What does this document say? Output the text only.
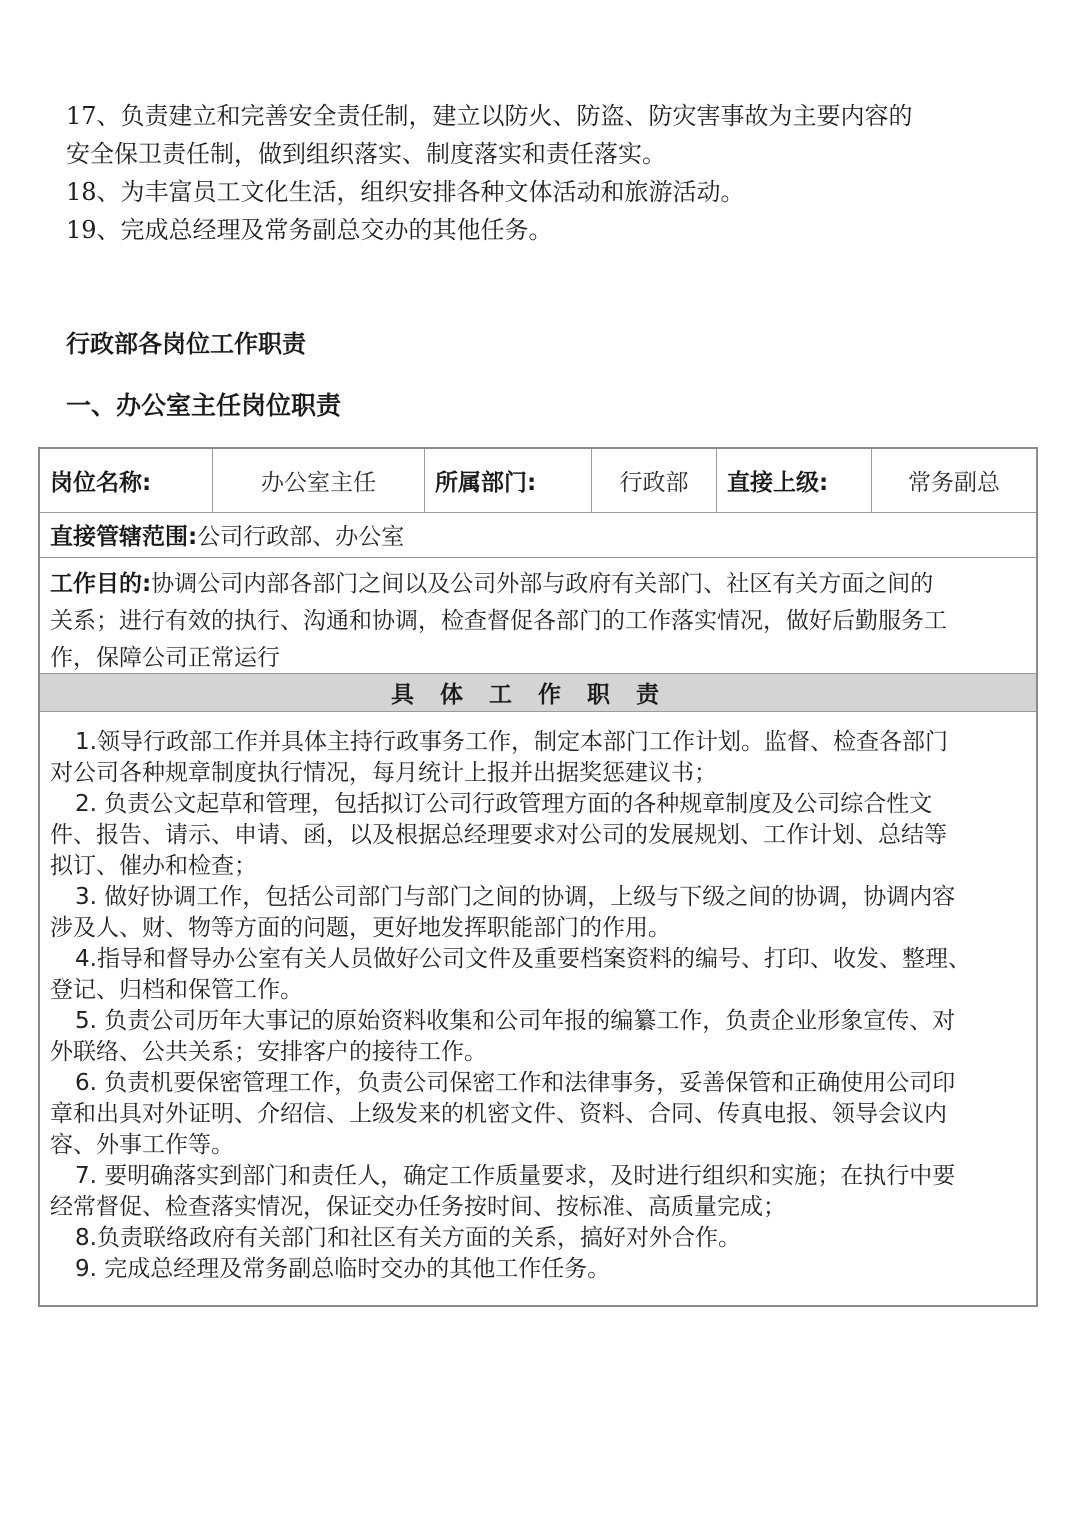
17、负责建立和完善安全责任制，建立以防火、防盗、防灾害事故为主要内容的
安全保卫责任制，做到组织落实、制度落实和责任落实。
18、为丰富员工文化生活，组织安排各种文体活动和旅游活动。
19、完成总经理及常务副总交办的其他任务。
行政部各岗位工作职责
一、办公室主任岗位职责
岗位名称:	办公室主任	所属部门:	行政部	直接上级:	常务副总
直接管辖范围: 公司行政部、办公室
工作目的:协调公司内部各部门之间以及公司外部与政府有关部门、社区有关方面之间的
关系；进行有效的执行、沟通和协调，检查督促各部门的工作落实情况，做好后勤服务工
作，保障公司正常运行
具体工作职责
1.领导行政部工作并具体主持行政事务工作，制定本部门工作计划。监督、检查各部门
对公司各种规章制度执行情况，每月统计上报并出据奖惩建议书；
2. 负责公文起草和管理，包括拟订公司行政管理方面的各种规章制度及公司综合性文
件、报告、请示、申请、函，以及根据总经理要求对公司的发展规划、工作计划、总结等
拟订、催办和检查；
3. 做好协调工作，包括公司部门与部门之间的协调，上级与下级之间的协调，协调内容
涉及人、财、物等方面的问题，更好地发挥职能部门的作用。
4.指导和督导办公室有关人员做好公司文件及重要档案资料的编号、打印、收发、整理、
登记、归档和保管工作。
5. 负责公司历年大事记的原始资料收集和公司年报的编纂工作，负责企业形象宣传、对
外联络、公共关系；安排客户的接待工作。
6. 负责机要保密管理工作，负责公司保密工作和法律事务，妥善保管和正确使用公司印
章和出具对外证明、介绍信、上级发来的机密文件、资料、合同、传真电报、领导会议内
容、外事工作等。
7. 要明确落实到部门和责任人，确定工作质量要求，及时进行组织和实施；在执行中要
经常督促、检查落实情况，保证交办任务按时间、按标准、高质量完成；
8.负责联络政府有关部门和社区有关方面的关系，搞好对外合作。
9. 完成总经理及常务副总临时交办的其他工作任务。
